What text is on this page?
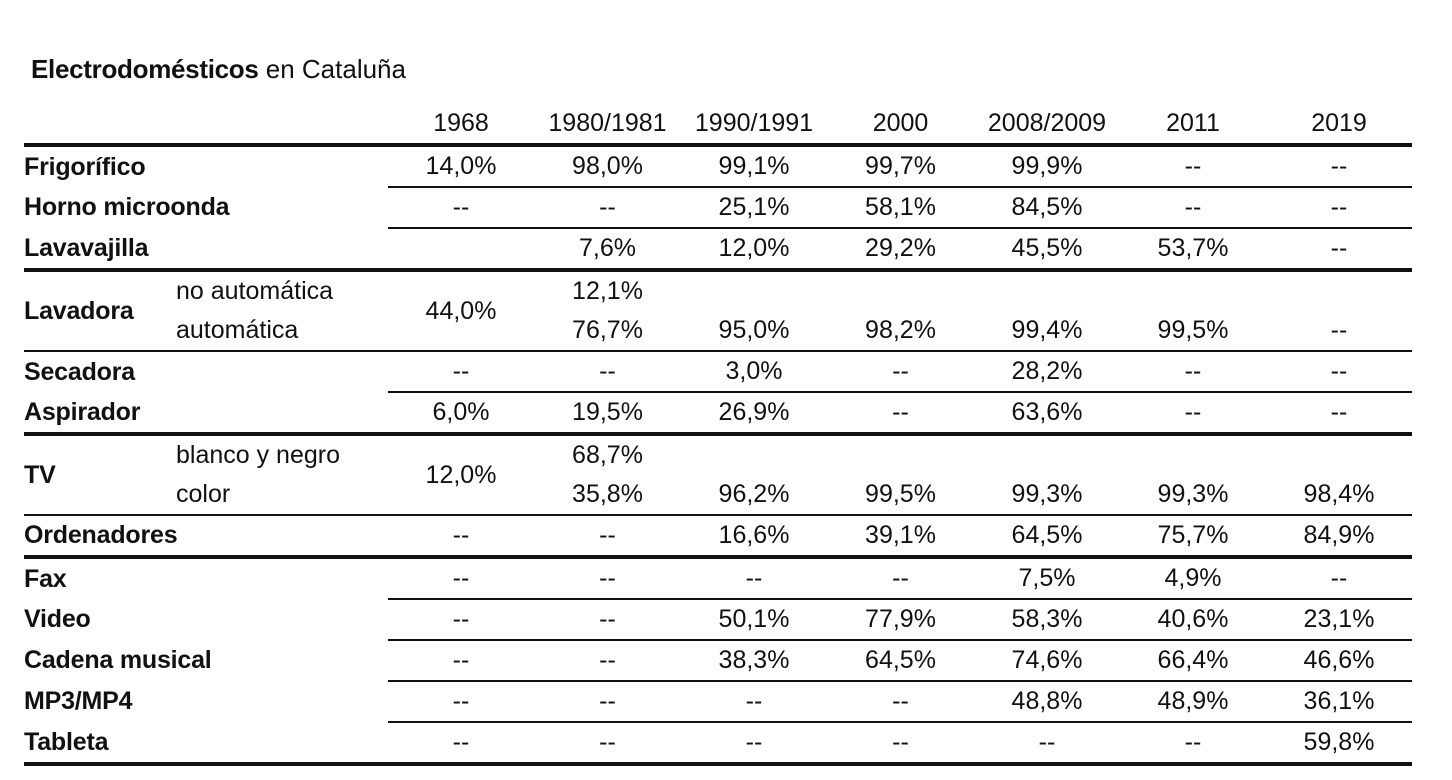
Electrodomésticos en Cataluña
		1968	1980/1981	1990/1991	2000	2008/2009	2011	2019
Frigorífico		14,0%	98,0%	99,1%	99,7%	99,9%	--	--
Horno microonda		--	--	25,1%	58,1%	84,5%	--	--
Lavavajilla			7,6%	12,0%	29,2%	45,5%	53,7%	--
Lavadora	no automática	44,0%	12,1%					
	automática		76,7%	95,0%	98,2%	99,4%	99,5%	--
Secadora		--	--	3,0%	--	28,2%	--	--
Aspirador		6,0%	19,5%	26,9%	--	63,6%	--	--
TV	blanco y negro	12,0%	68,7%					
	color		35,8%	96,2%	99,5%	99,3%	99,3%	98,4%
Ordenadores		--	--	16,6%	39,1%	64,5%	75,7%	84,9%
Fax		--	--	--	--	7,5%	4,9%	--
Video		--	--	50,1%	77,9%	58,3%	40,6%	23,1%
Cadena musical		--	--	38,3%	64,5%	74,6%	66,4%	46,6%
MP3/MP4		--	--	--	--	48,8%	48,9%	36,1%
Tableta		--	--	--	--	--	--	59,8%
